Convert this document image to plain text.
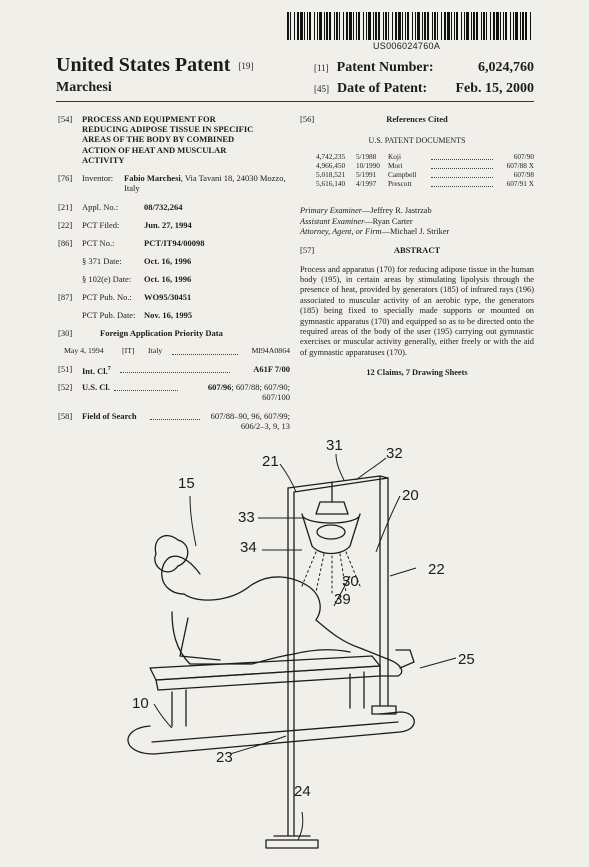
US006024760A
United States Patent [19]
Marchesi
[11] Patent Number:	6,024,760
[45] Date of Patent: Feb. 15, 2000
[54] PROCESS AND EQUIPMENT FOR REDUCING ADIPOSE TISSUE IN SPECIFIC AREAS OF THE BODY BY COMBINED ACTION OF HEAT AND MUSCULAR ACTIVITY
[76] Inventor: Fabio Marchesi, Via Tavani 18, 24030 Mozzo, Italy
[21] Appl. No.:	08/732,264
[22] PCT Filed:	Jun. 27, 1994
[86] PCT No.:	PCT/IT94/00098
§ 371 Date:	Oct. 16, 1996
§ 102(e) Date: Oct. 16, 1996
[87] PCT Pub. No.: WO95/30451
PCT Pub. Date: Nov. 16, 1995
[30]	Foreign Application Priority Data
May 4, 1994 [IT] Italy	MI94A0864
[51] Int. Cl.$^7$	A61F 7/00
[52] U.S. Cl.	607/96; 607/88; 607/90; 607/100
[58] Field of Search	607/88–90, 96, 607/99; 606/2–3, 9, 13
[56]	References Cited
U.S. PATENT DOCUMENTS
4,742,235	5/1988	Koji		607/90
4,966,450	10/1990	Mori		607/88 X
5,018,521	5/1991	Campbell		607/98
5,616,140	4/1997	Prescott		607/91 X
Primary Examiner—Jeffrey R. Jastrzab
Assistant Examiner—Ryan Carter
Attorney, Agent, or Firm—Michael J. Striker
[57]	ABSTRACT
Process and apparatus (170) for reducing adipose tissue in the human body (195), in certain areas by stimulating lipolysis through the presence of heat, provided by generators (185) of infrared rays (196) associated to muscular activity of an aerobic type, the generators (185) being fixed to specially made supports or mounted on gymnastic apparatus (170) and equipped so as to be directed onto the required areas of the body of the user (195) carrying out gymnastic exercises or muscular activity generally, either freely or with the aid of gymnastic apparatuses (170).
12 Claims, 7 Drawing Sheets
31
21	32
15
20
33
34
22
30
39
25
10
23
24
